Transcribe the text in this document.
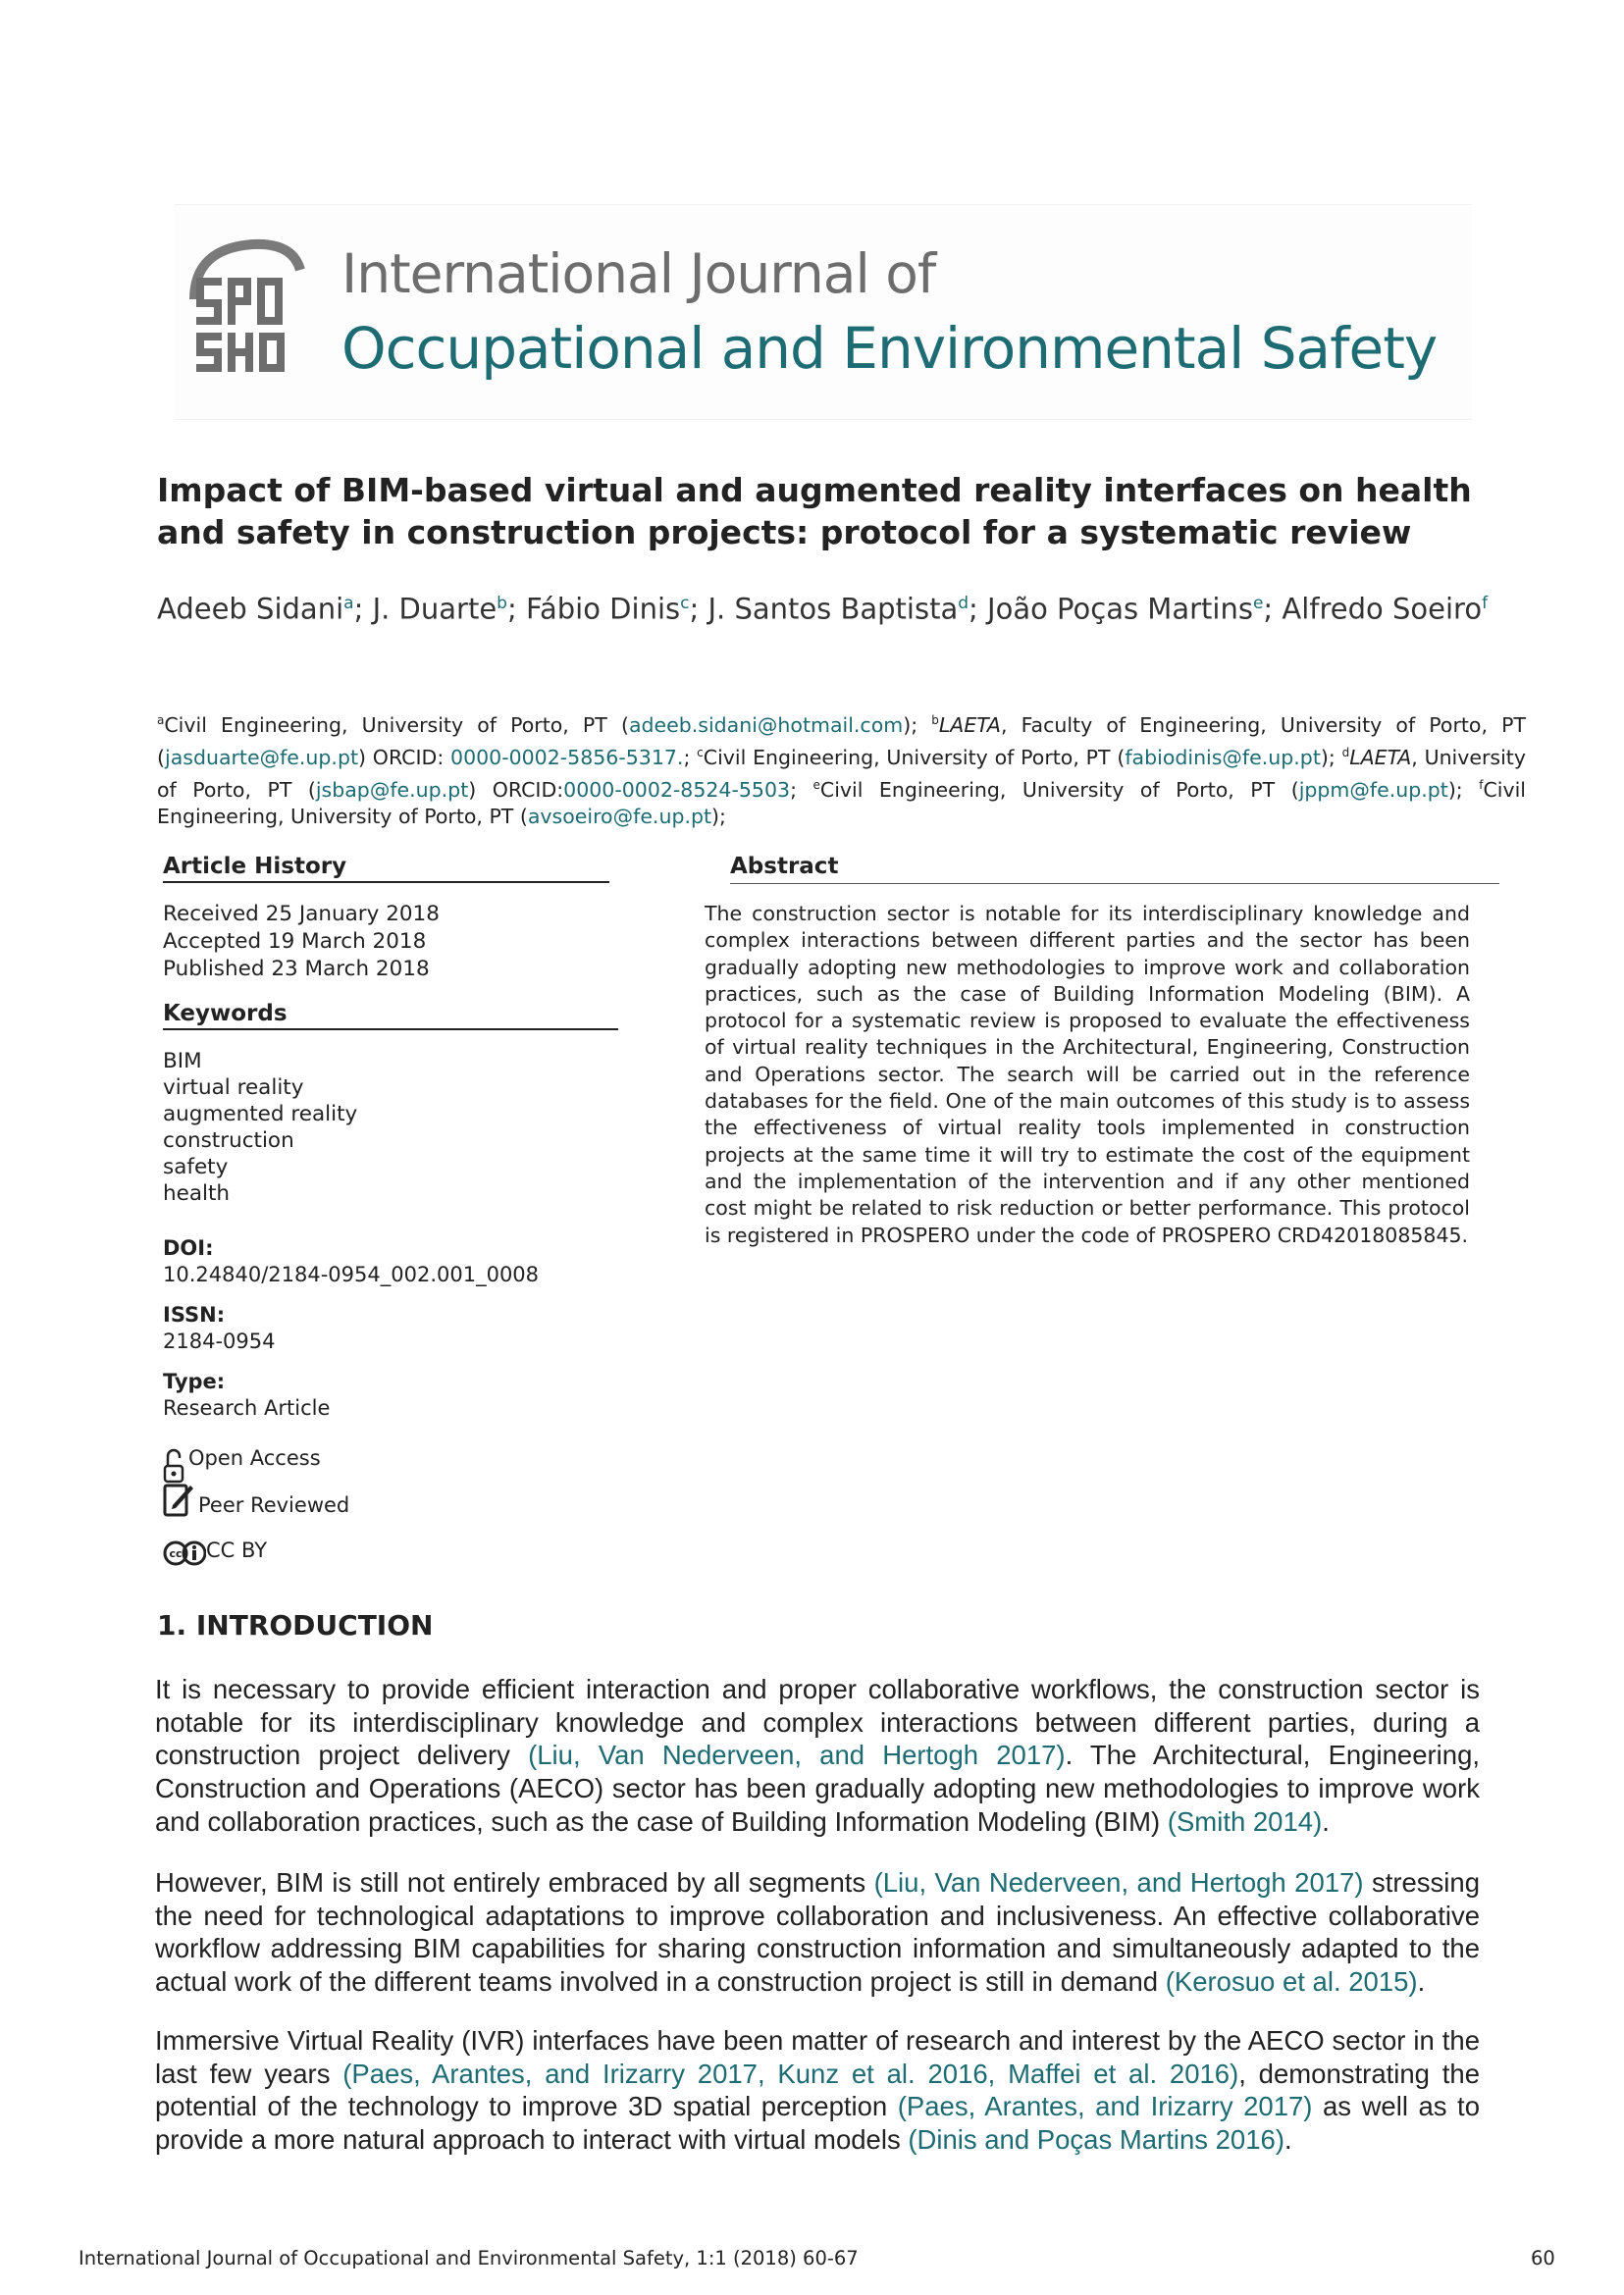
International Journal of
Occupational and Environmental Safety
Impact of BIM-based virtual and augmented reality interfaces on health and safety in construction projects: protocol for a systematic review
Adeeb Sidani$^a$; J. Duarte$^b$; Fábio Dinis$^c$; J. Santos Baptista$^d$; João Poças Martins$^e$; Alfredo Soeiro$^f$
$^a$Civil Engineering, University of Porto, PT (adeeb.sidani@hotmail.com); $^b$LAETA, Faculty of Engineering, University of Porto, PT (jasduarte@fe.up.pt) ORCID: 0000-0002-5856-5317.; $^c$Civil Engineering, University of Porto, PT (fabiodinis@fe.up.pt); $^d$LAETA, University of Porto, PT (jsbap@fe.up.pt) ORCID:0000-0002-8524-5503; $^e$Civil Engineering, University of Porto, PT (jppm@fe.up.pt); $^f$Civil Engineering, University of Porto, PT (avsoeiro@fe.up.pt);
Article History
Received 25 January 2018
Accepted 19 March 2018
Published 23 March 2018
Keywords
BIM
virtual reality
augmented reality
construction
safety
health
DOI:
10.24840/2184-0954_002.001_0008
ISSN:
2184-0954
Type:
Research Article
Open Access
Peer Reviewed
cc CC BY
Abstract
The construction sector is notable for its interdisciplinary knowledge and complex interactions between different parties and the sector has been gradually adopting new methodologies to improve work and collaboration practices, such as the case of Building Information Modeling (BIM). A protocol for a systematic review is proposed to evaluate the effectiveness of virtual reality techniques in the Architectural, Engineering, Construction and Operations sector. The search will be carried out in the reference databases for the field. One of the main outcomes of this study is to assess the effectiveness of virtual reality tools implemented in construction projects at the same time it will try to estimate the cost of the equipment and the implementation of the intervention and if any other mentioned cost might be related to risk reduction or better performance. This protocol is registered in PROSPERO under the code of PROSPERO CRD42018085845.
1. INTRODUCTION
It is necessary to provide efficient interaction and proper collaborative workflows, the construction sector is notable for its interdisciplinary knowledge and complex interactions between different parties, during a construction project delivery (Liu, Van Nederveen, and Hertogh 2017). The Architectural, Engineering, Construction and Operations (AECO) sector has been gradually adopting new methodologies to improve work and collaboration practices, such as the case of Building Information Modeling (BIM) (Smith 2014).
However, BIM is still not entirely embraced by all segments (Liu, Van Nederveen, and Hertogh 2017) stressing the need for technological adaptations to improve collaboration and inclusiveness. An effective collaborative workflow addressing BIM capabilities for sharing construction information and simultaneously adapted to the actual work of the different teams involved in a construction project is still in demand (Kerosuo et al. 2015).
Immersive Virtual Reality (IVR) interfaces have been matter of research and interest by the AECO sector in the last few years (Paes, Arantes, and Irizarry 2017, Kunz et al. 2016, Maffei et al. 2016), demonstrating the potential of the technology to improve 3D spatial perception (Paes, Arantes, and Irizarry 2017) as well as to provide a more natural approach to interact with virtual models (Dinis and Poças Martins 2016).
International Journal of Occupational and Environmental Safety, 1:1 (2018) 60-67	60
